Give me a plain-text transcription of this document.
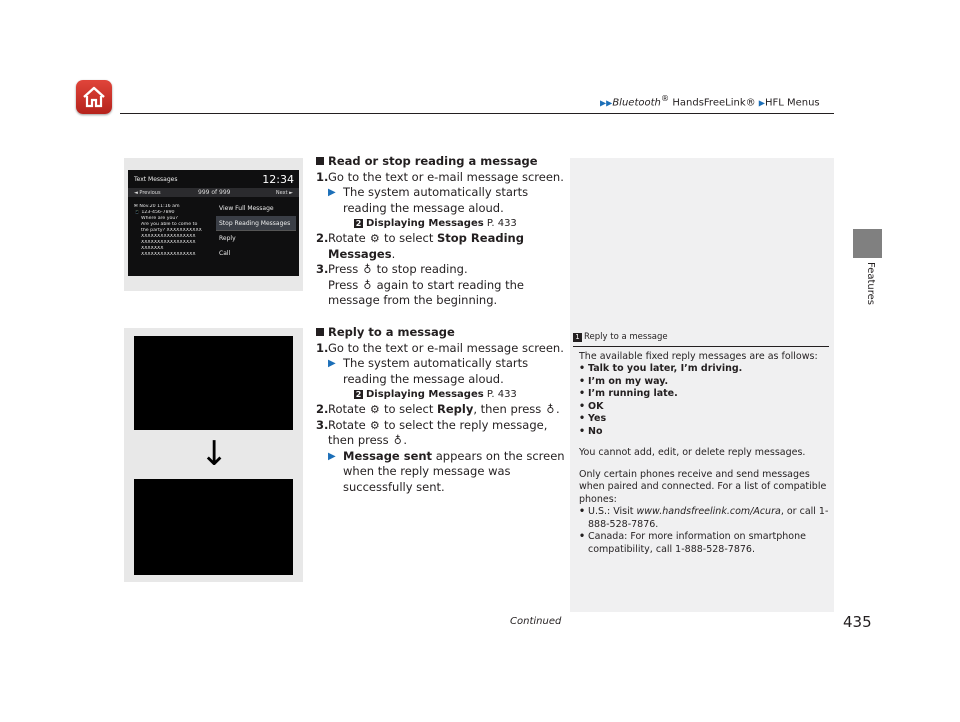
▶▶Bluetooth® HandsFreeLink® ▶HFL Menus
Features
Text Messages	12:34
◄ Previous	999 of 999	Next ►
✉ Nov.20 11:16 am
📱 123-456-7890
Where are you?
Are you able to come to
the party? XXXXXXXXXXX
XXXXXXXXXXXXXXXXX
XXXXXXXXXXXXXXXXX
XXXXXXX
XXXXXXXXXXXXXXXXX
View Full Message
Stop Reading Messages
Reply
Call
↓
Read or stop reading a message
1. Go to the text or e-mail message screen.
▶ The system automatically starts reading the message aloud.
2 Displaying Messages P. 433
2. Rotate ⚙ to select Stop Reading Messages.
3. Press ♁ to stop reading.
Press ♁ again to start reading the message from the beginning.
Reply to a message
1. Go to the text or e-mail message screen.
▶ The system automatically starts reading the message aloud.
2 Displaying Messages P. 433
2. Rotate ⚙ to select Reply, then press ♁.
3. Rotate ⚙ to select the reply message, then press ♁.
▶ Message sent appears on the screen when the reply message was successfully sent.
1 Reply to a message
The available fixed reply messages are as follows:
• Talk to you later, I’m driving.
• I’m on my way.
• I’m running late.
• OK
• Yes
• No

You cannot add, edit, or delete reply messages.

Only certain phones receive and send messages when paired and connected. For a list of compatible phones:

• U.S.: Visit www.handsfreelink.com/Acura, or call 1-888-528-7876.
• Canada: For more information on smartphone compatibility, call 1-888-528-7876.
Continued	435
